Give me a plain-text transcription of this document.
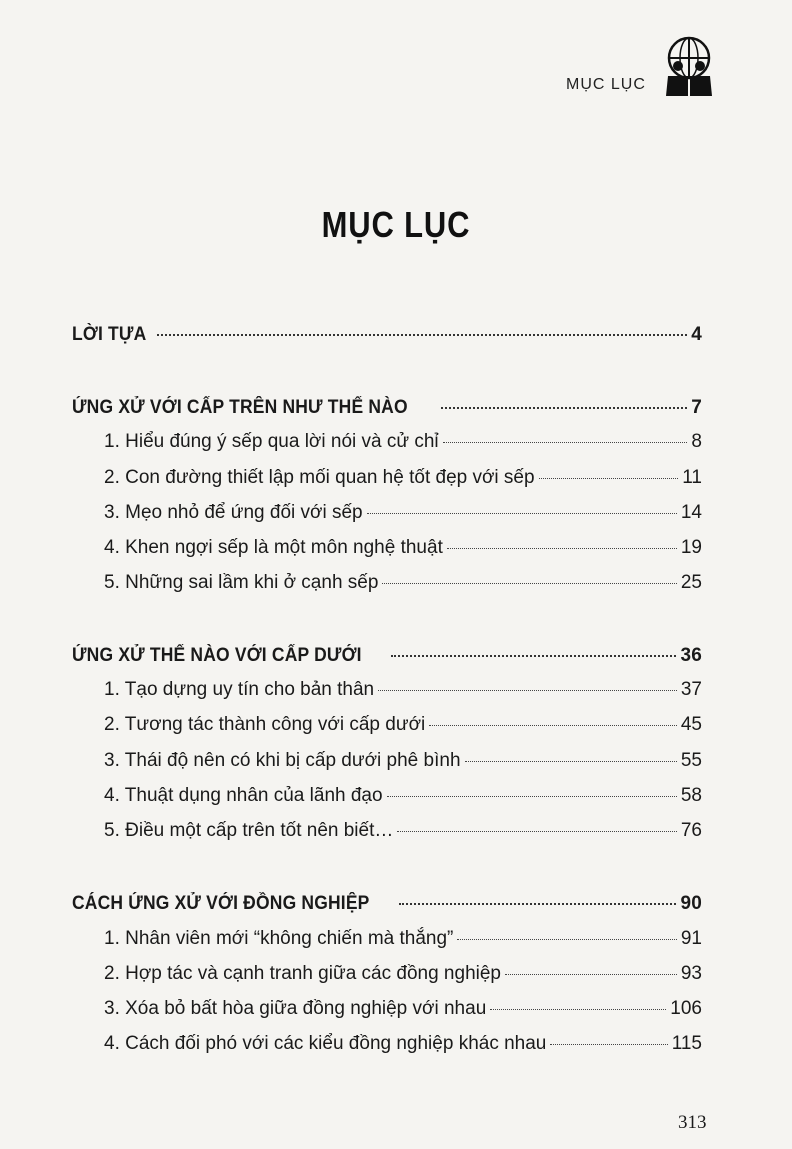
MỤC LỤC
MỤC LỤC
LỜI TỰA	4
ỨNG XỬ VỚI CẤP TRÊN NHƯ THẾ NÀO	7
1. Hiểu đúng ý sếp qua lời nói và cử chỉ	8
2. Con đường thiết lập mối quan hệ tốt đẹp với sếp	11
3. Mẹo nhỏ để ứng đối với sếp	14
4. Khen ngợi sếp là một môn nghệ thuật	19
5. Những sai lầm khi ở cạnh sếp	25
ỨNG XỬ THẾ NÀO VỚI CẤP DƯỚI	36
1. Tạo dựng uy tín cho bản thân	37
2. Tương tác thành công với cấp dưới	45
3. Thái độ nên có khi bị cấp dưới phê bình	55
4. Thuật dụng nhân của lãnh đạo	58
5. Điều một cấp trên tốt nên biết…	76
CÁCH ỨNG XỬ VỚI ĐỒNG NGHIỆP	90
1. Nhân viên mới “không chiến mà thắng”	91
2. Hợp tác và cạnh tranh giữa các đồng nghiệp	93
3. Xóa bỏ bất hòa giữa đồng nghiệp với nhau	106
4. Cách đối phó với các kiểu đồng nghiệp khác nhau	115
313
